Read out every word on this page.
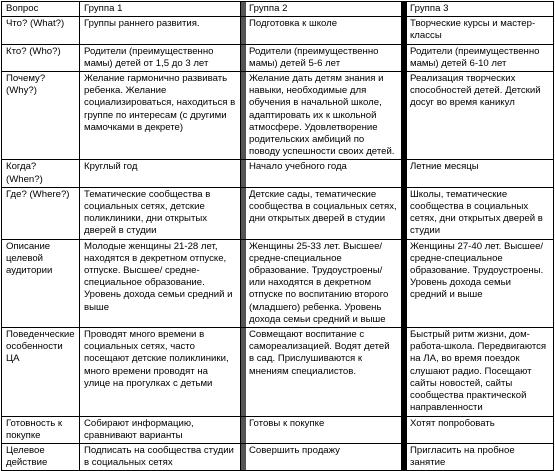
Вопрос	Группа 1	Группа 2	Группа 3
Что? (What?)	Группы раннего развития.	Подготовка к школе	Творческие курсы и мастер-классы
Кто? (Who?)	Родители (преимущественно мамы) детей от 1,5 до 3 лет	Родители (преимущественно мамы) детей 5-6 лет	Родители (преимущественно мамы) детей 6-10 лет
Почему? (Why?)	Желание гармонично развивать ребенка. Желание социализироваться, находиться в группе по интересам (с другими мамочками в декрете)	Желание дать детям знания и навыки, необходимые для обучения в начальной школе, адаптировать их к школьной атмосфере. Удовлетворение родительских амбиций по поводу успешности своих детей.	Реализация творческих способностей детей. Детский досуг во время каникул
Когда? (When?)	Круглый год	Начало учебного года	Летние месяцы
Где? (Where?)	Тематические сообщества в социальных сетях, детские поликлиники, дни открытых дверей в студии	Детские сады, тематические сообщества в социальных сетях, дни открытых дверей в студии	Школы, тематические сообщества в социальных сетях, дни открытых дверей в студии
Описание целевой аудитории	Молодые женщины 21-28 лет, находятся в декретном отпуске, отпуске. Высшее/ средне-специальное образование. Уровень дохода семьи средний и выше	Женщины 25-33 лет. Высшее/ средне-специальное образование. Трудоустроены/ или находятся в декретном отпуске по воспитанию второго (младшего) ребенка. Уровень дохода семьи средний и выше	Женщины 27-40 лет. Высшее/ средне-специальное образование. Трудоустроены. Уровень дохода семьи средний и выше
Поведенческие особенности ЦА	Проводят много времени в социальных сетях, часто посещают детские поликлиники, много времени проводят на улице на прогулках с детьми	Совмещают воспитание с самореализацией. Водят детей в сад. Прислушиваются к мнениям специалистов.	Быстрый ритм жизни, дом-работа-школа. Передвигаются на ЛА, во время поездок слушают радио. Посещают сайты новостей, сайты сообщества практической направленности
Готовность к покупке	Собирают информацию, сравнивают варианты	Готовы к покупке	Хотят попробовать
Целевое действие	Подписать на сообщества студии в социальных сетях	Совершить продажу	Пригласить на пробное занятие
